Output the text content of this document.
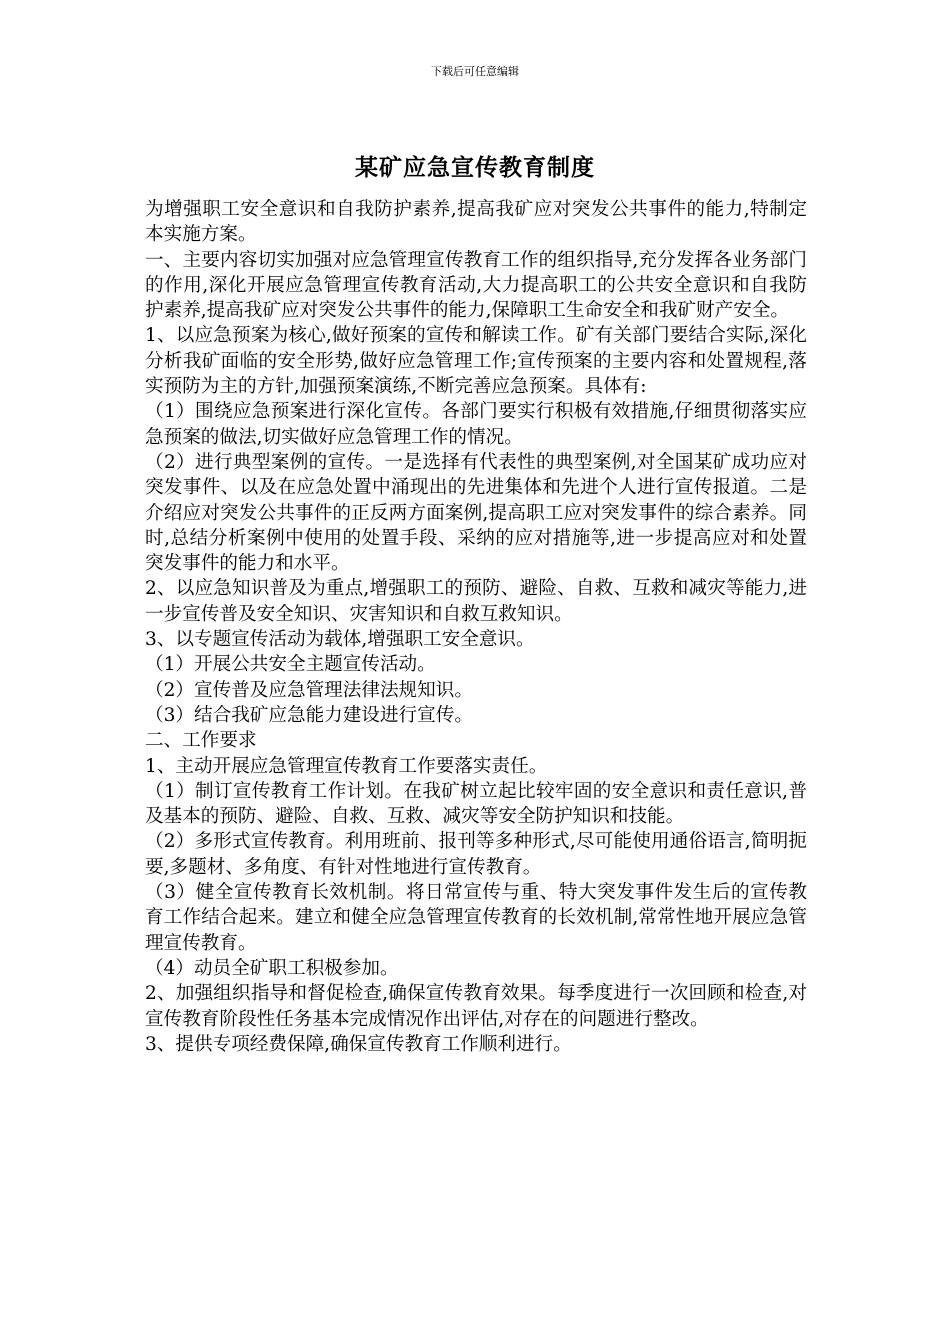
下载后可任意编辑
某矿应急宣传教育制度

为增强职工安全意识和自我防护素养,提高我矿应对突发公共事件的能力,特制定本实施方案。

一、主要内容切实加强对应急管理宣传教育工作的组织指导,充分发挥各业务部门的作用,深化开展应急管理宣传教育活动,大力提高职工的公共安全意识和自我防护素养,提高我矿应对突发公共事件的能力,保障职工生命安全和我矿财产安全。

1、以应急预案为核心,做好预案的宣传和解读工作。矿有关部门要结合实际,深化分析我矿面临的安全形势,做好应急管理工作;宣传预案的主要内容和处置规程,落实预防为主的方针,加强预案演练,不断完善应急预案。具体有:

（1）围绕应急预案进行深化宣传。各部门要实行积极有效措施,仔细贯彻落实应急预案的做法,切实做好应急管理工作的情况。

（2）进行典型案例的宣传。一是选择有代表性的典型案例,对全国某矿成功应对突发事件、以及在应急处置中涌现出的先进集体和先进个人进行宣传报道。二是介绍应对突发公共事件的正反两方面案例,提高职工应对突发事件的综合素养。同时,总结分析案例中使用的处置手段、采纳的应对措施等,进一步提高应对和处置突发事件的能力和水平。

2、以应急知识普及为重点,增强职工的预防、避险、自救、互救和减灾等能力,进一步宣传普及安全知识、灾害知识和自救互救知识。

3、以专题宣传活动为载体,增强职工安全意识。

（1）开展公共安全主题宣传活动。

（2）宣传普及应急管理法律法规知识。

（3）结合我矿应急能力建设进行宣传。

二、工作要求

1、主动开展应急管理宣传教育工作要落实责任。

（1）制订宣传教育工作计划。在我矿树立起比较牢固的安全意识和责任意识,普及基本的预防、避险、自救、互救、减灾等安全防护知识和技能。

（2）多形式宣传教育。利用班前、报刊等多种形式,尽可能使用通俗语言,简明扼要,多题材、多角度、有针对性地进行宣传教育。

（3）健全宣传教育长效机制。将日常宣传与重、特大突发事件发生后的宣传教育工作结合起来。建立和健全应急管理宣传教育的长效机制,常常性地开展应急管理宣传教育。

（4）动员全矿职工积极参加。

2、加强组织指导和督促检查,确保宣传教育效果。每季度进行一次回顾和检查,对宣传教育阶段性任务基本完成情况作出评估,对存在的问题进行整改。

3、提供专项经费保障,确保宣传教育工作顺利进行。
